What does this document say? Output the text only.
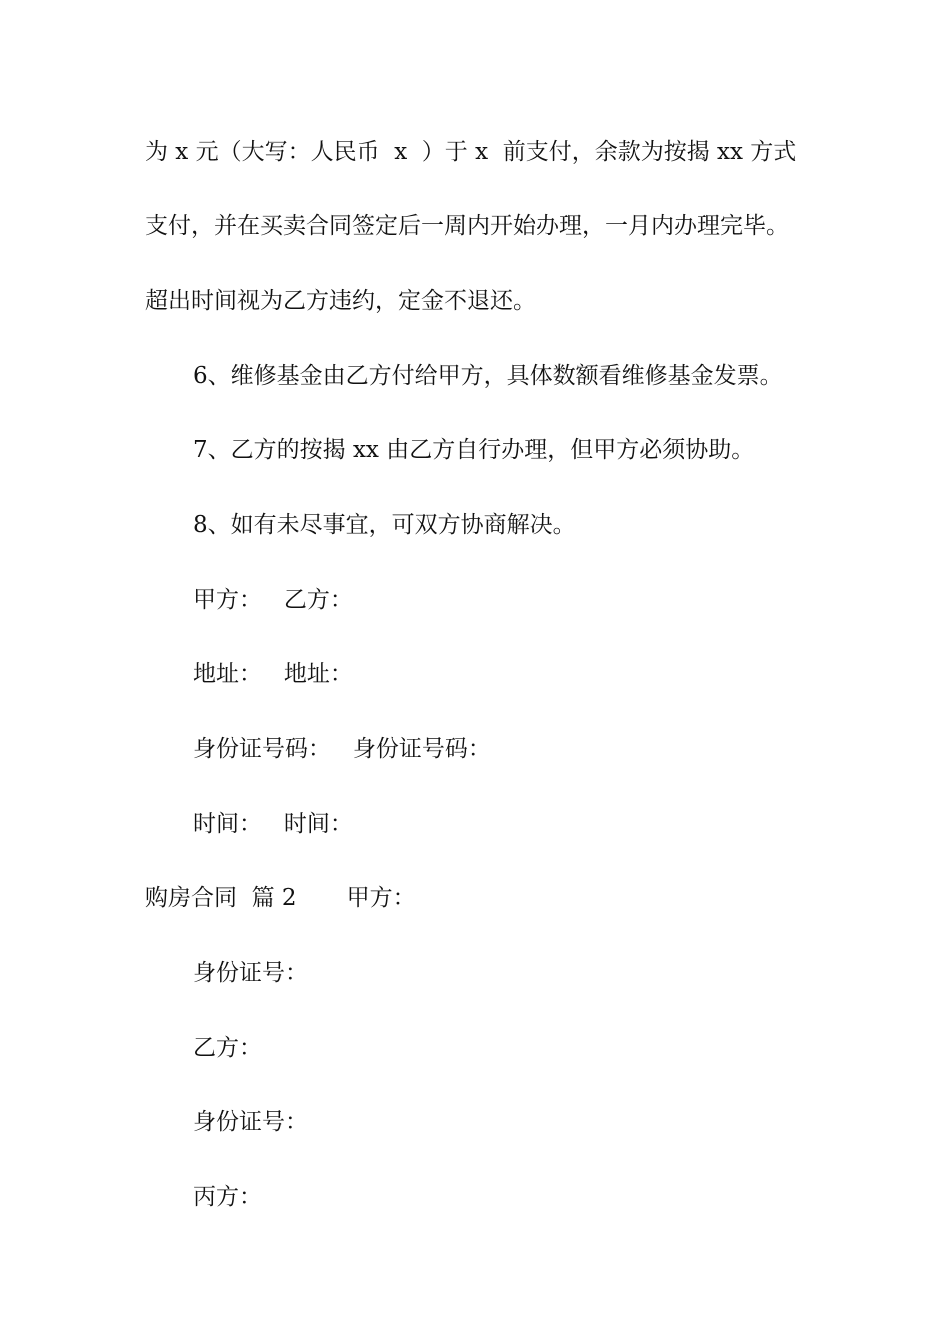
为 x 元（大写：人民币  x  ）于 x  前支付，余款为按揭 xx 方式
支付，并在买卖合同签定后一周内开始办理，一月内办理完毕。
超出时间视为乙方违约，定金不退还。
6、维修基金由乙方付给甲方，具体数额看维修基金发票。
7、乙方的按揭 xx 由乙方自行办理，但甲方必须协助。
8、如有未尽事宜，可双方协商解决。
甲方：   乙方：
地址：   地址：
身份证号码：   身份证号码：
时间：   时间：
购房合同  篇 2 甲方：
身份证号：
乙方：
身份证号：
丙方：
